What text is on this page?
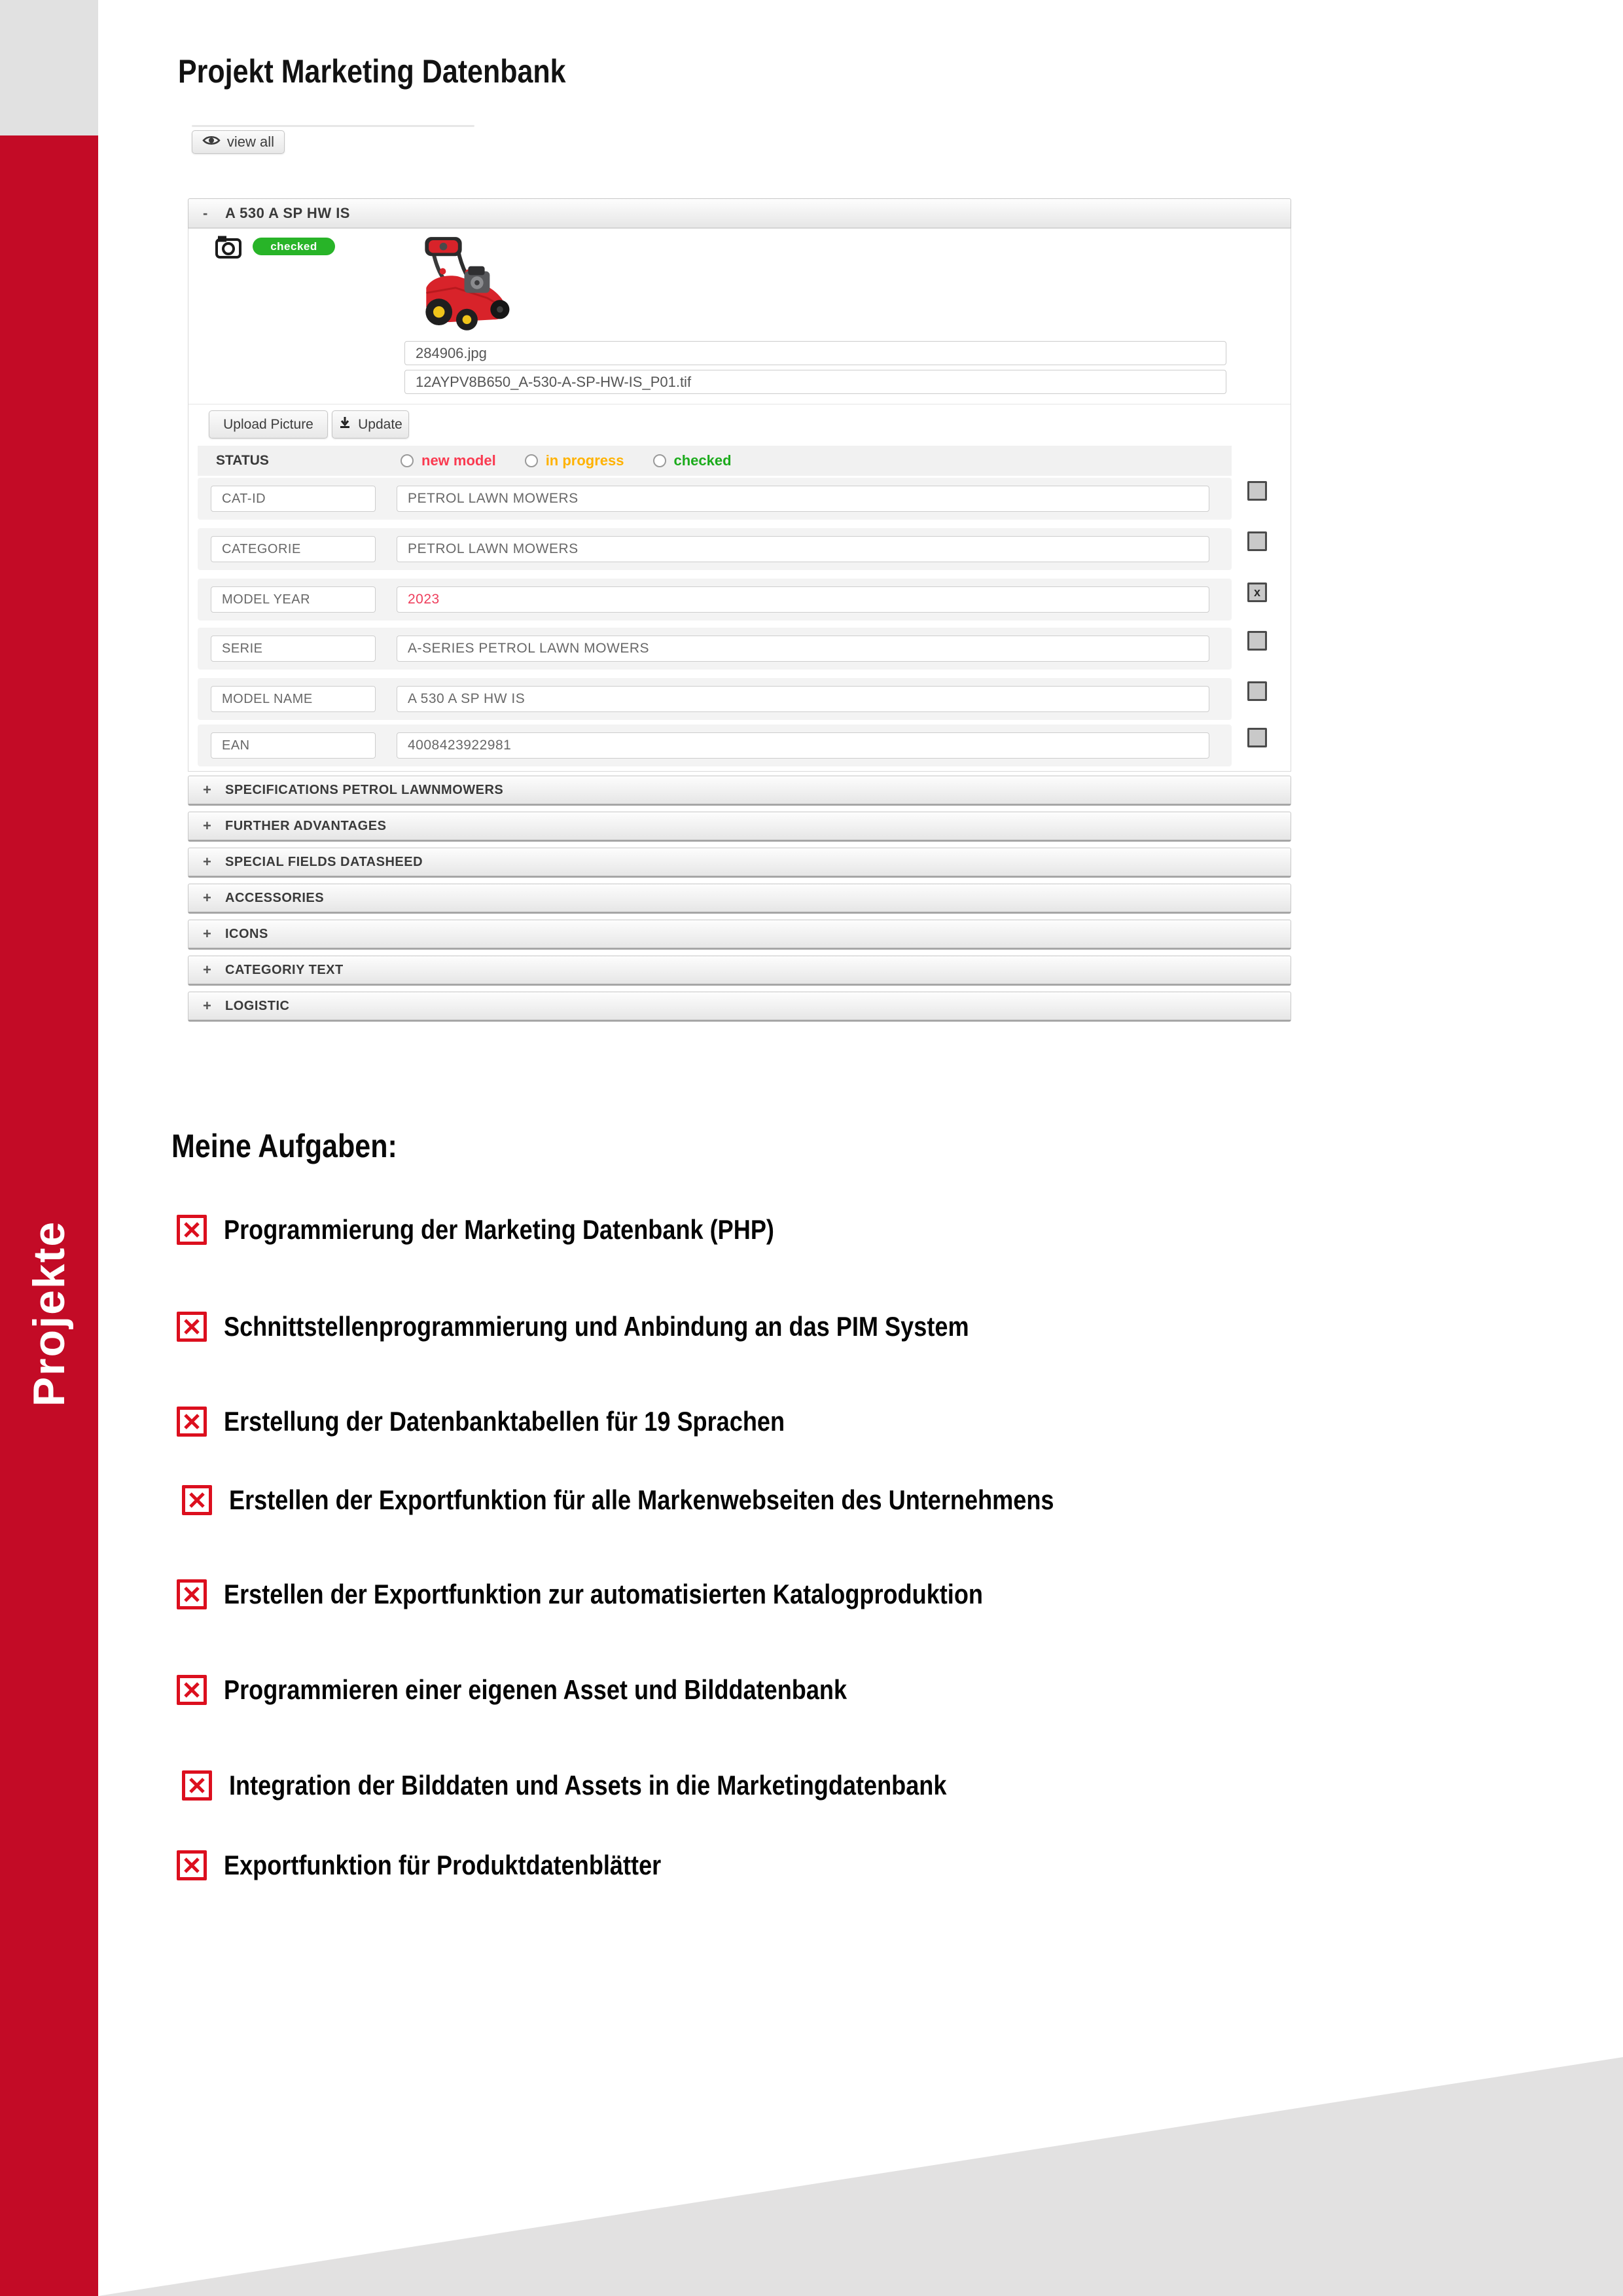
Projekte
Projekt Marketing Datenbank
view all
-	A 530 A SP HW IS
checked
284906.jpg
12AYPV8B650_A-530-A-SP-HW-IS_P01.tif
Upload Picture	Update
STATUS	new model	in progress	checked
CAT-ID	PETROL LAWN MOWERS
CATEGORIE	PETROL LAWN MOWERS
MODEL YEAR	2023
SERIE	A-SERIES PETROL LAWN MOWERS
MODEL NAME	A 530 A SP HW IS
EAN	4008423922981
x
+	SPECIFICATIONS PETROL LAWNMOWERS
+	FURTHER ADVANTAGES
+	SPECIAL FIELDS DATASHEED
+	ACCESSORIES
+	ICONS
+	CATEGORIY TEXT
+	LOGISTIC
Meine Aufgaben:
Programmierung der Marketing Datenbank (PHP)
Schnittstellenprogrammierung und Anbindung an das PIM System
Erstellung der Datenbanktabellen für 19 Sprachen
Erstellen der Exportfunktion für alle Markenwebseiten des Unternehmens
Erstellen der Exportfunktion zur automatisierten Katalogproduktion
Programmieren einer eigenen Asset und Bilddatenbank
Integration der Bilddaten und Assets in die Marketingdatenbank
Exportfunktion für Produktdatenblätter
